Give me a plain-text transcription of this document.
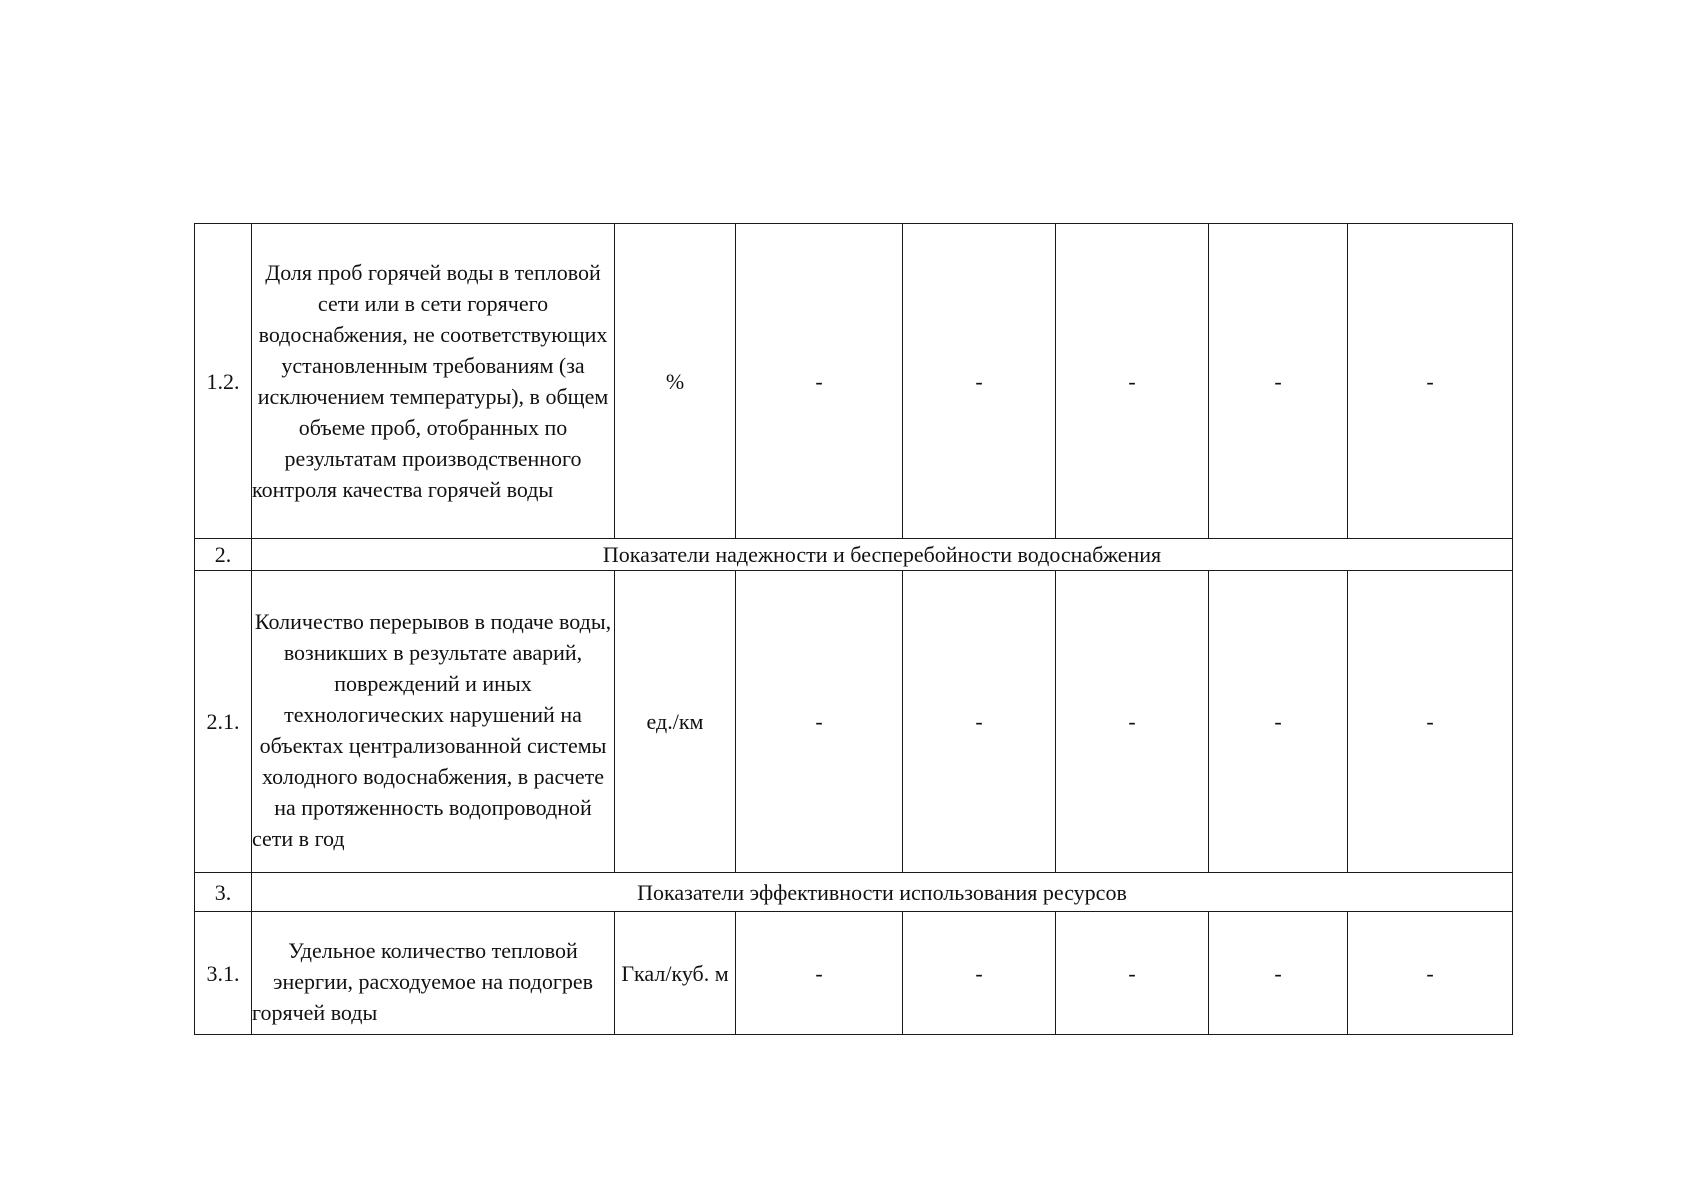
1.2.	Доля проб горячей воды в тепловой сети или в сети горячего водоснабжения, не соответствующих установленным требованиям (за исключением температуры), в общем объеме проб, отобранных по результатам производственного контроля качества горячей воды	%	-	-	-	-	-
2.	Показатели надежности и бесперебойности водоснабжения						
2.1.	Количество перерывов в подаче воды, возникших в результате аварий, повреждений и иных технологических нарушений на объектах централизованной системы холодного водоснабжения, в расчете на протяженность водопроводной сети в год	ед./км	-	-	-	-	-
3.	Показатели эффективности использования ресурсов						
3.1.	Удельное количество тепловой энергии, расходуемое на подогрев горячей воды	Гкал/куб. м	-	-	-	-	-
